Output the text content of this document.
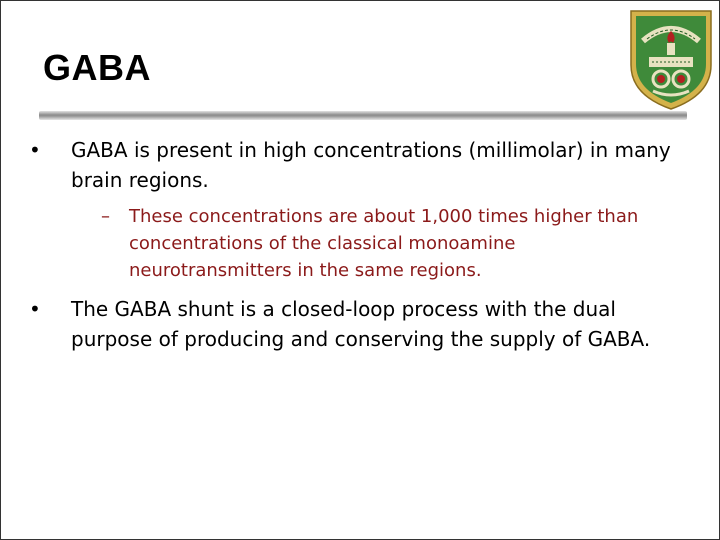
GABA
•	GABA is present in high concentrations (millimolar) in many brain regions.
–	These concentrations are about 1,000 times higher than concentrations of the classical monoamine neurotransmitters in the same regions.
•	The GABA shunt is a closed-loop process with the dual purpose of producing and conserving the supply of GABA.
